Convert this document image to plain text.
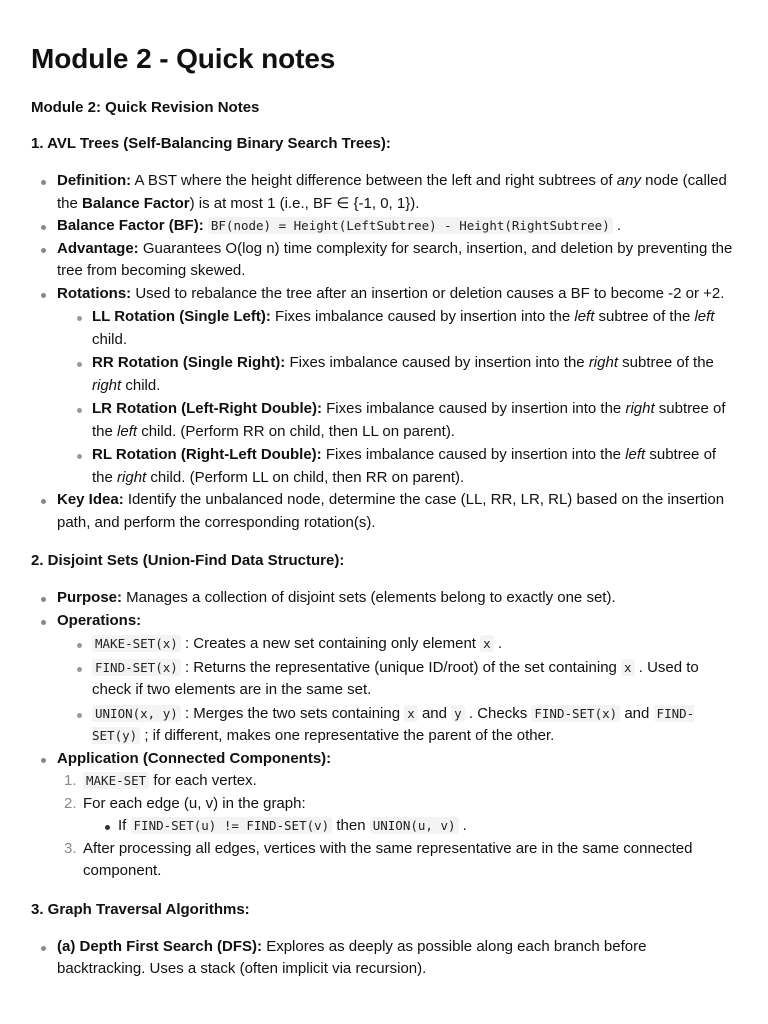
Module 2 - Quick notes
Module 2: Quick Revision Notes
1. AVL Trees (Self-Balancing Binary Search Trees):
Definition: A BST where the height difference between the left and right subtrees of any node (called the Balance Factor) is at most 1 (i.e., BF ∈ {-1, 0, 1}).
Balance Factor (BF): BF(node) = Height(LeftSubtree) - Height(RightSubtree) .
Advantage: Guarantees O(log n) time complexity for search, insertion, and deletion by preventing the tree from becoming skewed.
Rotations: Used to rebalance the tree after an insertion or deletion causes a BF to become -2 or +2.
LL Rotation (Single Left): Fixes imbalance caused by insertion into the left subtree of the left child.
RR Rotation (Single Right): Fixes imbalance caused by insertion into the right subtree of the right child.
LR Rotation (Left-Right Double): Fixes imbalance caused by insertion into the right subtree of the left child. (Perform RR on child, then LL on parent).
RL Rotation (Right-Left Double): Fixes imbalance caused by insertion into the left subtree of the right child. (Perform LL on child, then RR on parent).
Key Idea: Identify the unbalanced node, determine the case (LL, RR, LR, RL) based on the insertion path, and perform the corresponding rotation(s).
2. Disjoint Sets (Union-Find Data Structure):
Purpose: Manages a collection of disjoint sets (elements belong to exactly one set).
Operations:
MAKE-SET(x) : Creates a new set containing only element x .
FIND-SET(x) : Returns the representative (unique ID/root) of the set containing x . Used to check if two elements are in the same set.
UNION(x, y) : Merges the two sets containing x and y . Checks FIND-SET(x) and FIND-SET(y) ; if different, makes one representative the parent of the other.
Application (Connected Components):
1. MAKE-SET for each vertex.
2. For each edge (u, v) in the graph:
If FIND-SET(u) != FIND-SET(v) then UNION(u, v) .
3. After processing all edges, vertices with the same representative are in the same connected component.
3. Graph Traversal Algorithms:
(a) Depth First Search (DFS): Explores as deeply as possible along each branch before backtracking. Uses a stack (often implicit via recursion).
